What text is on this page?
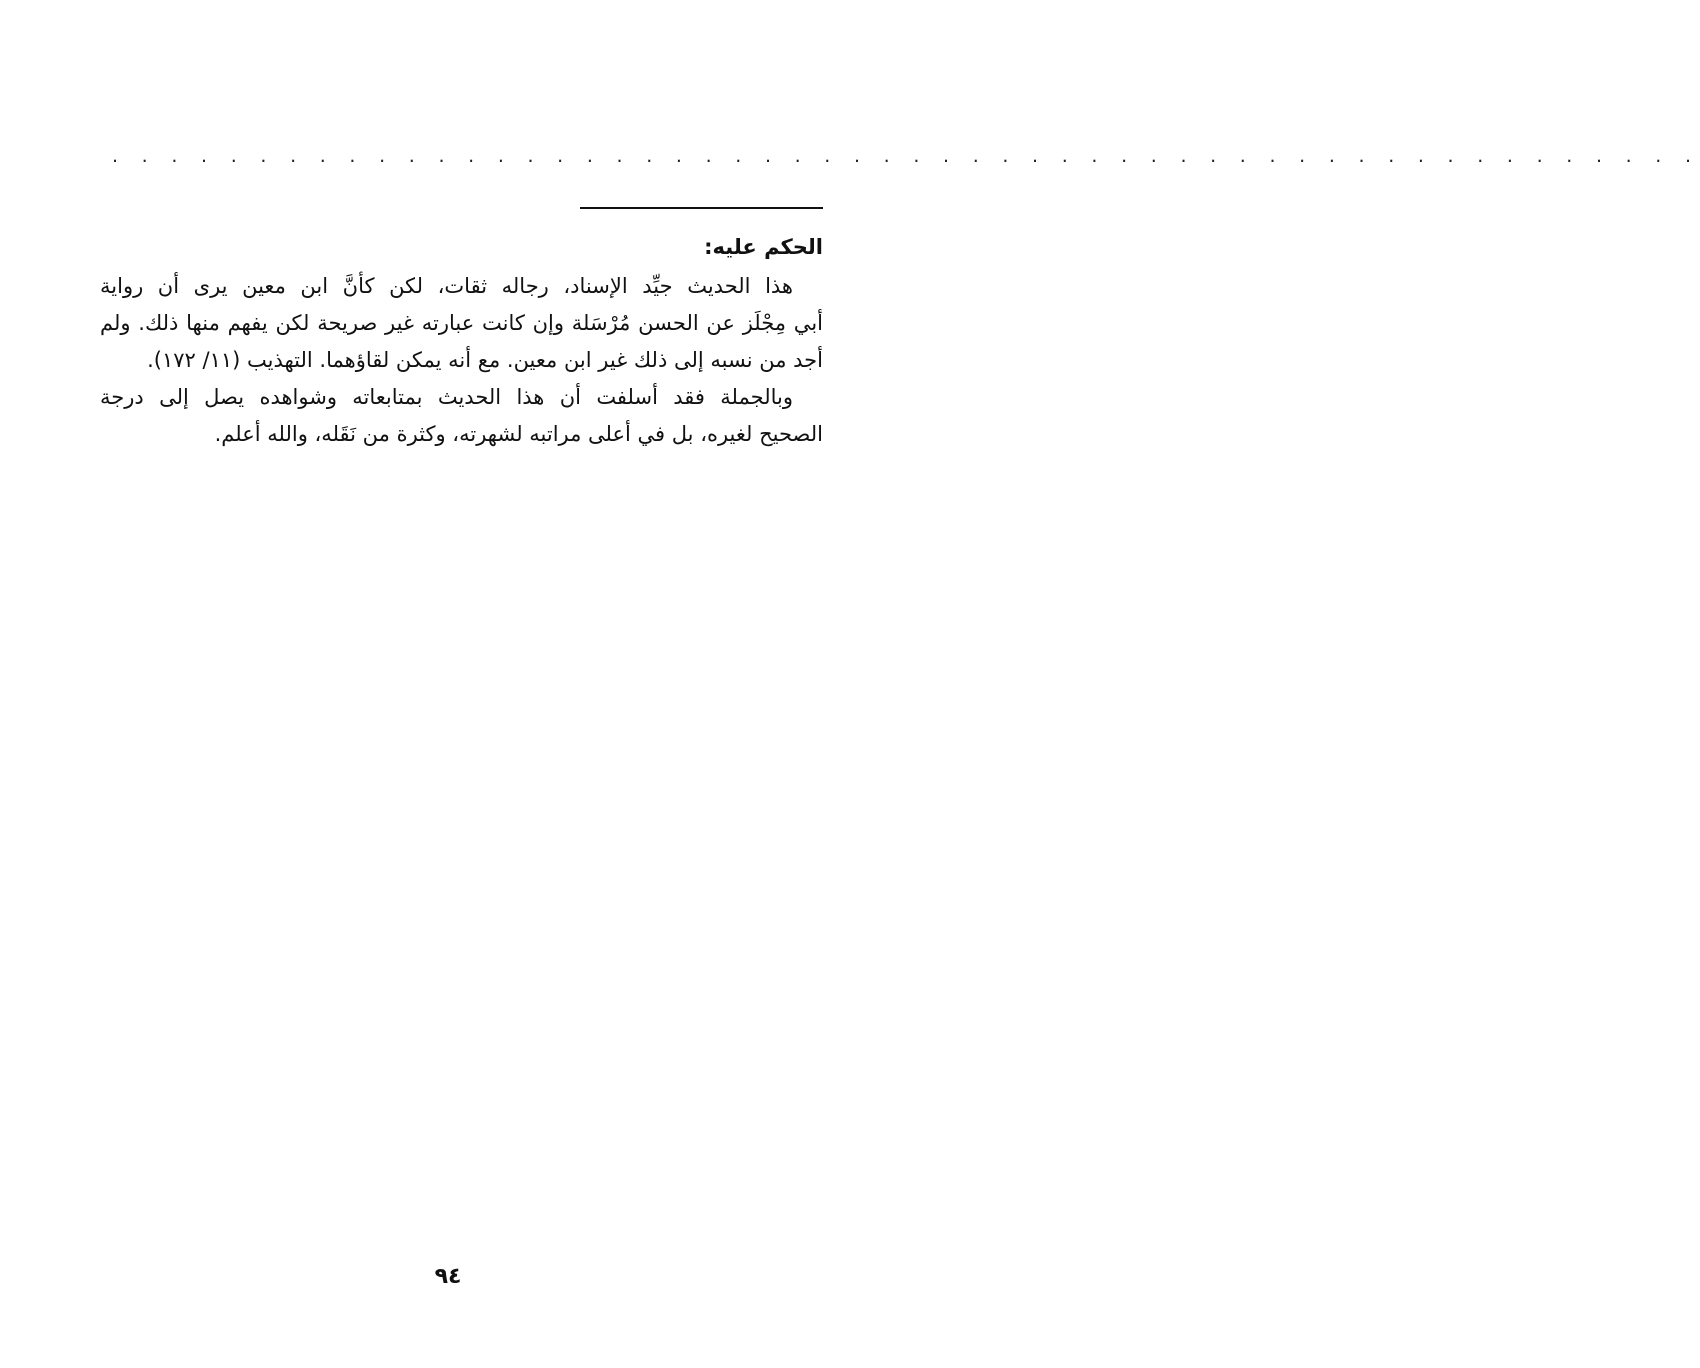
. . . . . . . . . . . . . . . . . . . . . . . . . . . . . . . . . . . . . . . . . . . . . . . . . . . . . .
الحكم عليه:
هذا الحديث جيِّد الإسناد، رجاله ثقات، لكن كأنَّ ابن معين يرى أن رواية
أبي مِجْلَز عن الحسن مُرْسَلة وإن كانت عبارته غير صريحة لكن يفهم منها ذلك. ولم
أجد من نسبه إلى ذلك غير ابن معين. مع أنه يمكن لقاؤهما. التهذيب (١١/ ١٧٢).
وبالجملة فقد أسلفت أن هذا الحديث بمتابعاته وشواهده يصل إلى درجة
الصحيح لغيره، بل في أعلى مراتبه لشهرته، وكثرة من نَقَله، والله أعلم.
٩٤
